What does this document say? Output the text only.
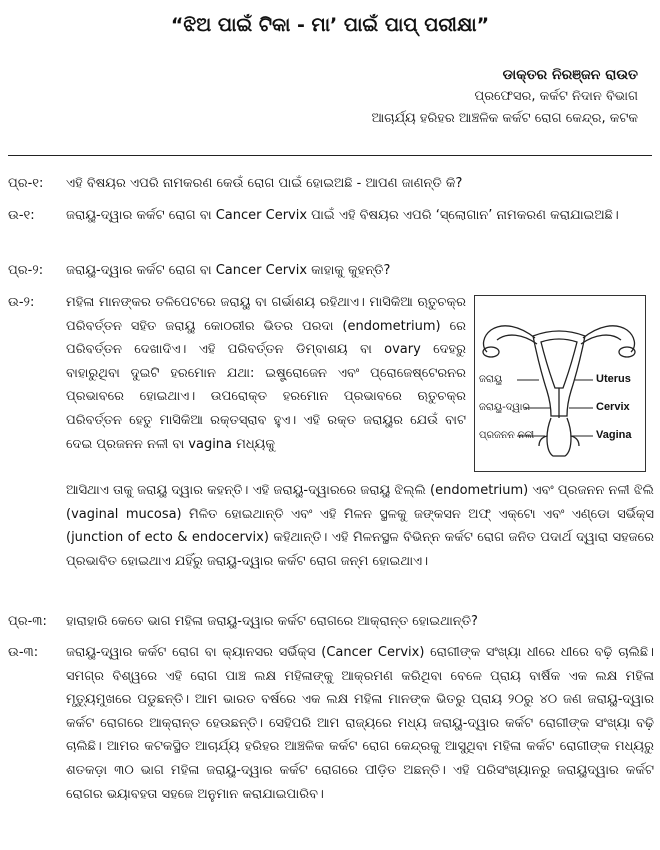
“ଝିଅ ପାଇଁ ଟିକା - ମା’ ପାଇଁ ପାପ୍ ପରୀକ୍ଷା”
ଡାକ୍ତର ନିରଞ୍ଜନ ରାଉତ
ପ୍ରଫେସର, କର୍କଟ ନିଦାନ ବିଭାଗ
ଆଚାର୍ଯ୍ୟ ହରିହର ଆଞ୍ଚଳିକ କର୍କଟ ରୋଗ କେନ୍ଦ୍ର, କଟକ
ପ୍ର-୧:	ଏହି ବିଷୟର ଏପରି ନାମକରଣ କେଉଁ ରୋଗ ପାଇଁ ହୋଇଅଛି - ଆପଣ ଜାଣନ୍ତି କି?
ଉ-୧:	ଜରାୟୁ-ଦ୍ୱାର କର୍କଟ ରୋଗ ବା Cancer Cervix ପାଇଁ ଏହି ବିଷୟର ଏପରି ‘ସ୍ଲୋଗାନ’ ନାମକରଣ କରାଯାଇଅଛି।
ପ୍ର-୨:	ଜରାୟୁ-ଦ୍ୱାର କର୍କଟ ରୋଗ ବା Cancer Cervix କାହାକୁ କୁହନ୍ତି?
ଉ-୨:	ମହିଳା ମାନଙ୍କର ତଳିପେଟରେ ଜରାୟୁ ବା ଗର୍ଭାଶୟ ରହିଥାଏ। ମାସିକିଆ ଋତୁଚକ୍ର ପରିବର୍ତ୍ତନ ସହିତ ଜରାୟୁ କୋଠରୀର ଭିତର ପରଦା (endometrium) ରେ ପରିବର୍ତ୍ତନ ଦେଖାଦିଏ। ଏହି ପରିବର୍ତ୍ତନ ଡିମ୍ବାଶୟ ବା ovary ଦେହରୁ ବାହାରୁଥିବା ଦୁଇଟି ହରମୋନ ଯଥା: ଇଷ୍ଟ୍ରୋଜେନ ଏବଂ ପ୍ରୋଜେଷ୍ଟେରନର ପ୍ରଭାବରେ ହୋଇଥାଏ। ଉପରୋକ୍ତ ହରମୋନ ପ୍ରଭାବରେ ଋତୁଚକ୍ର ପରିବର୍ତ୍ତନ ହେତୁ ମାସିକିଆ ରକ୍ତସ୍ରାବ ହୁଏ। ଏହି ରକ୍ତ ଜରାୟୁର ଯେଉଁ ବାଟ ଦେଇ ପ୍ରଜନନ ନଳୀ ବା vagina ମଧ୍ୟକୁ
ଆସିଥାଏ ତାକୁ ଜରାୟୁ ଦ୍ୱାର କହନ୍ତି। ଏହି ଜରାୟୁ-ଦ୍ୱାରରେ ଜରାୟୁ ଝିଲ୍ଲି (endometrium) ଏବଂ ପ୍ରଜନନ ନଳୀ ଝିଲି (vaginal mucosa) ମିଳିତ ହୋଇଥାନ୍ତି ଏବଂ ଏହି ମିଳନ ସ୍ଥଳକୁ ଜଙ୍କସନ ଅଫ୍ ଏକ୍ଟୋ ଏବଂ ଏଣ୍ଡୋ ସର୍ଭିକ୍ସ (junction of ecto & endocervix) କହିଥାନ୍ତି। ଏହି ମିଳନସ୍ଥଳ ବିଭିନ୍ନ କର୍କଟ ରୋଗ ଜନିତ ପଦାର୍ଥ ଦ୍ୱାରା ସହଜରେ ପ୍ରଭାବିତ ହୋଇଥାଏ ଯହିଁରୁ ଜରାୟୁ-ଦ୍ୱାର କର୍କଟ ରୋଗ ଜନ୍ମ ହୋଇଥାଏ।
ଜରାୟୁ
ଜରାୟୁ-ଦ୍ୱାର
ପ୍ରଜନନ ନଳୀ
Uterus
Cervix
Vagina
ପ୍ର-୩:	ହାରାହାରି କେତେ ଭାଗ ମହିଳା ଜରାୟୁ-ଦ୍ୱାର କର୍କଟ ରୋଗରେ ଆକ୍ରାନ୍ତ ହୋଇଥାନ୍ତି?
ଉ-୩:	ଜରାୟୁ-ଦ୍ୱାର କର୍କଟ ରୋଗ ବା କ୍ୟାନସର ସର୍ଭିକ୍ସ (Cancer Cervix) ରୋଗୀଙ୍କ ସଂଖ୍ୟା ଧୀରେ ଧୀରେ ବଢ଼ି ଚାଲିଛି। ସମଗ୍ର ବିଶ୍ୱରେ ଏହି ରୋଗ ପାଞ୍ଚ ଲକ୍ଷ ମହିଳାଙ୍କୁ ଆକ୍ରମଣ କରିଥିବା ବେଳେ ପ୍ରାୟ ବାର୍ଷିକ ଏକ ଲକ୍ଷ ମହିଳା ମୃତ୍ୟୁମୁଖରେ ପଡୁଛନ୍ତି। ଆମ ଭାରତ ବର୍ଷରେ ଏକ ଲକ୍ଷ ମହିଳା ମାନଙ୍କ ଭିତରୁ ପ୍ରାୟ ୨୦ରୁ ୪୦ ଜଣ ଜରାୟୁ-ଦ୍ୱାର କର୍କଟ ରୋଗରେ ଆକ୍ରାନ୍ତ ହେଉଛନ୍ତି। ସେହିପରି ଆମ ରାଜ୍ୟରେ ମଧ୍ୟ ଜରାୟୁ-ଦ୍ୱାର କର୍କଟ ରୋଗୀଙ୍କ ସଂଖ୍ୟା ବଢ଼ି ଚାଲିଛି। ଆମର କଟକସ୍ଥିତ ଆଚାର୍ଯ୍ୟ ହରିହର ଆଞ୍ଚଳିକ କର୍କଟ ରୋଗ କେନ୍ଦ୍ରକୁ ଆସୁଥିବା ମହିଳା କର୍କଟ ରୋଗୀଙ୍କ ମଧ୍ୟରୁ ଶତକଡ଼ା ୩୦ ଭାଗ ମହିଳା ଜରାୟୁ-ଦ୍ୱାର କର୍କଟ ରୋଗରେ ପୀଡ଼ିତ ଅଛନ୍ତି। ଏହି ପରିସଂଖ୍ୟାନରୁ ଜରାୟୁଦ୍ୱାର କର୍କଟ ରୋଗର ଭୟାବହତା ସହଜେ ଅନୁମାନ କରାଯାଇପାରିବ।
